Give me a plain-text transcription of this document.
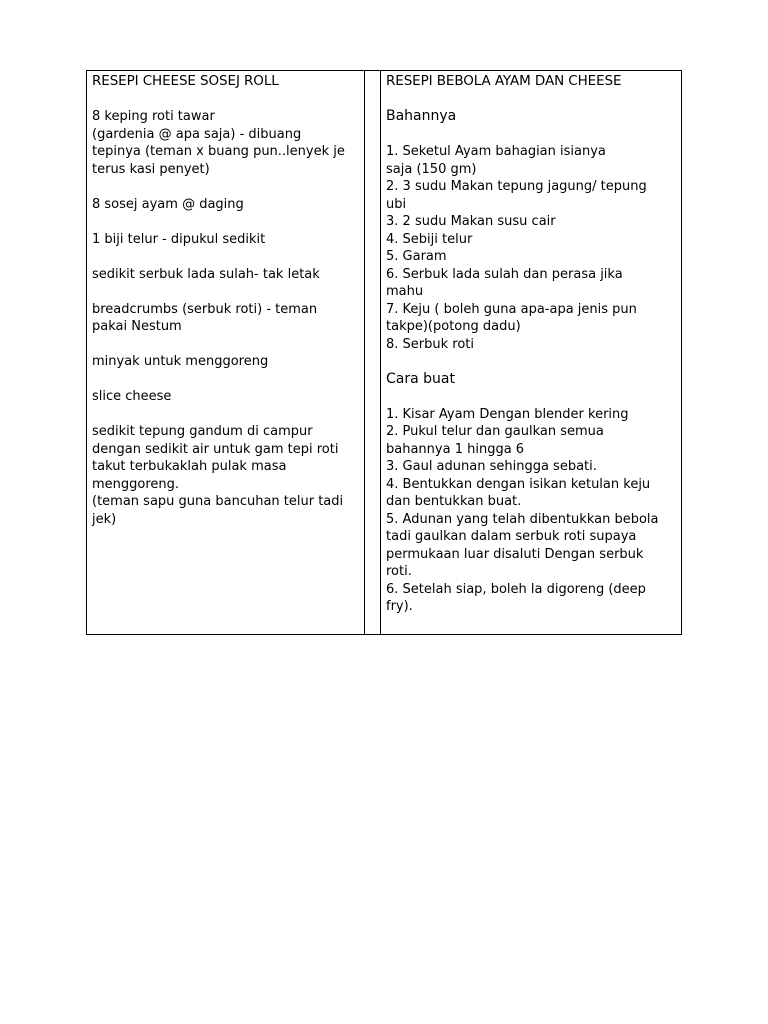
RESEPI CHEESE SOSEJ ROLL
8 keping roti tawar
(gardenia @ apa saja) - dibuang
tepinya (teman x buang pun..lenyek je
terus kasi penyet)
8 sosej ayam @ daging
1 biji telur - dipukul sedikit
sedikit serbuk lada sulah- tak letak
breadcrumbs (serbuk roti) - teman
pakai Nestum
minyak untuk menggoreng
slice cheese
sedikit tepung gandum di campur
dengan sedikit air untuk gam tepi roti
takut terbukaklah pulak masa
menggoreng.
(teman sapu guna bancuhan telur tadi
jek)

RESEPI BEBOLA AYAM DAN CHEESE
Bahannya
1. Seketul Ayam bahagian isianya
saja (150 gm)
2. 3 sudu Makan tepung jagung/ tepung
ubi
3. 2 sudu Makan susu cair
4. Sebiji telur
5. Garam
6. Serbuk lada sulah dan perasa jika
mahu
7. Keju ( boleh guna apa-apa jenis pun
takpe)(potong dadu)
8. Serbuk roti
Cara buat
1. Kisar Ayam Dengan blender kering
2. Pukul telur dan gaulkan semua
bahannya 1 hingga 6
3. Gaul adunan sehingga sebati.
4. Bentukkan dengan isikan ketulan keju
dan bentukkan buat.
5. Adunan yang telah dibentukkan bebola
tadi gaulkan dalam serbuk roti supaya
permukaan luar disaluti Dengan serbuk
roti.
6. Setelah siap, boleh la digoreng (deep
fry).
